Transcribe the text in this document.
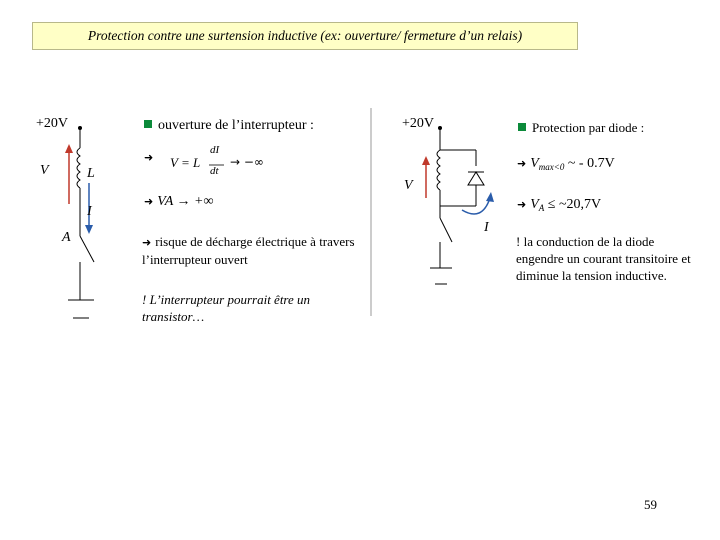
Protection contre une surtension inductive (ex: ouverture/ fermeture d’un relais)
+20V
V	L
I
A
ouverture de l’interrupteur :
➜ V = L
dI
dt
→ −∞
➜ VA → +∞
➜ risque de décharge électrique à travers l’interrupteur ouvert
! L’interrupteur pourrait être un transistor…
+20V
V
I
Protection par diode :
➜ $V_{max<0}$ ~ - 0.7V
➜ $V_A$ ≤ ~20,7V
! la conduction de la diode engendre un courant transitoire et diminue la tension inductive.
59
